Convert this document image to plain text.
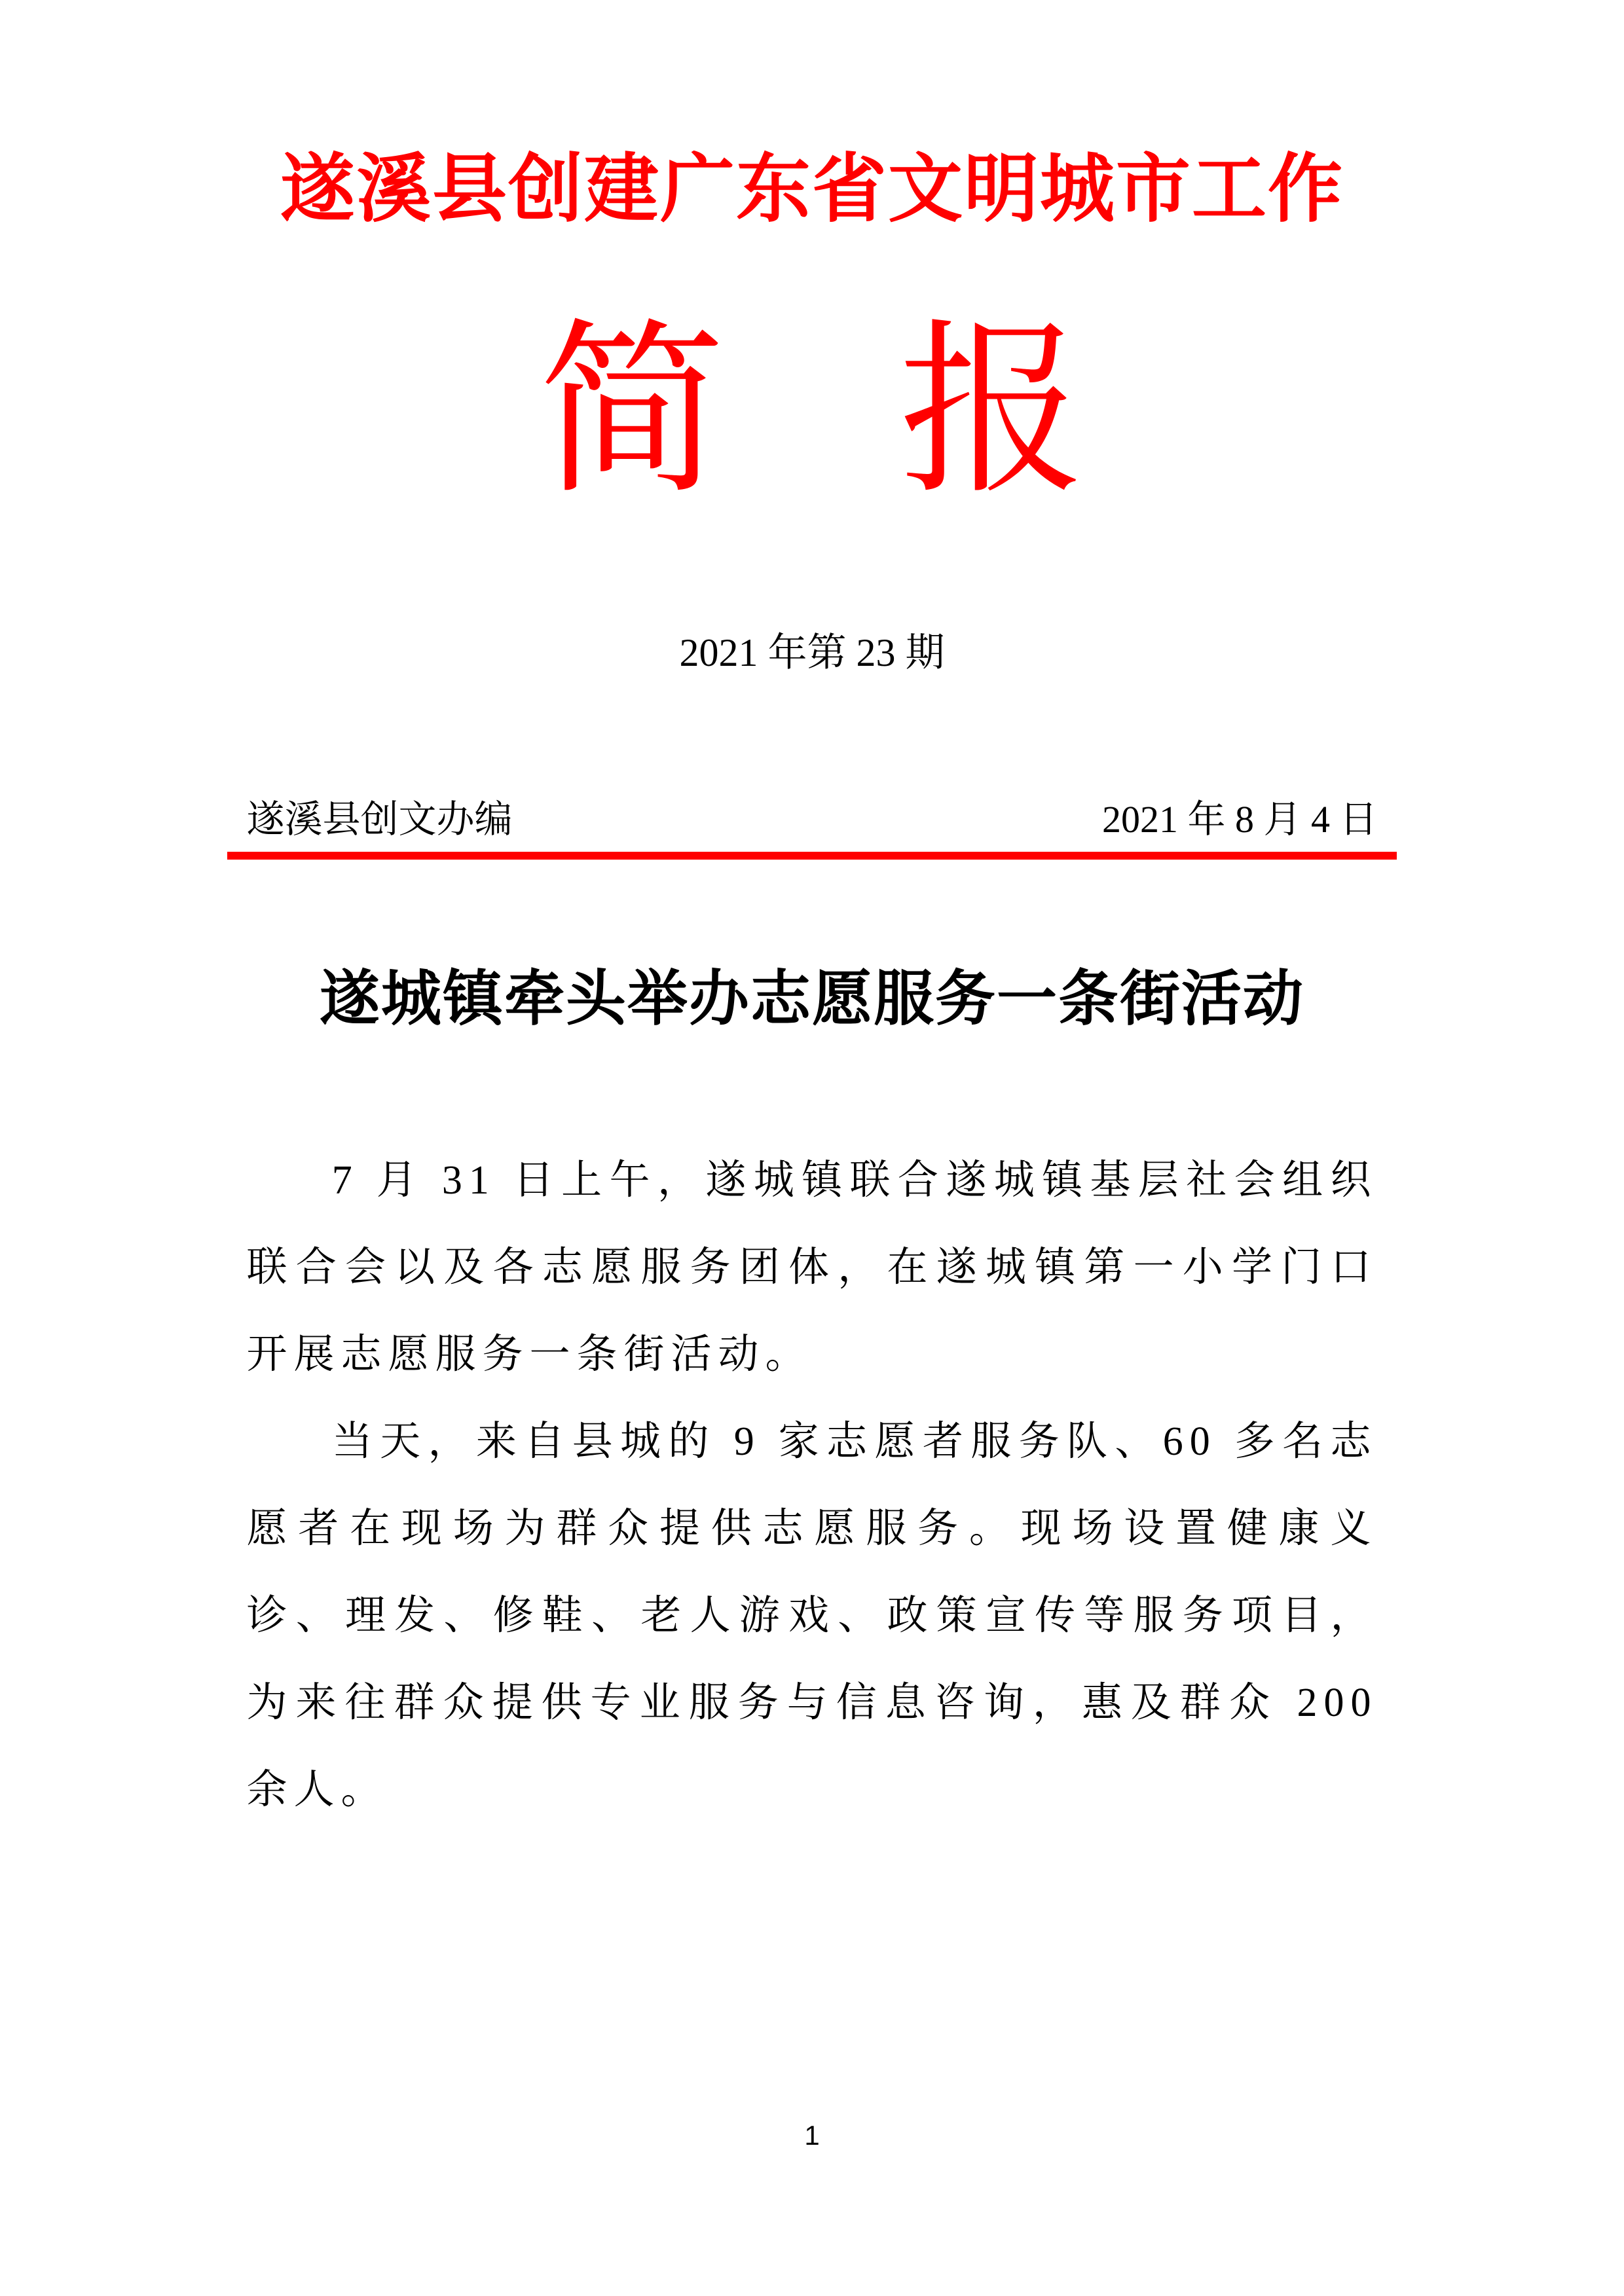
遂溪县创建广东省文明城市工作
简 报
2021 年第 23 期
遂溪县创文办编	2021 年 8 月 4 日
遂城镇牵头举办志愿服务一条街活动

7 月 31 日上午，遂城镇联合遂城镇基层社会组织联合会以及各志愿服务团体，在遂城镇第一小学门口开展志愿服务一条街活动。

当天，来自县城的 9 家志愿者服务队、60 多名志愿者在现场为群众提供志愿服务。现场设置健康义诊、理发、修鞋、老人游戏、政策宣传等服务项目，为来往群众提供专业服务与信息咨询，惠及群众 200 余人。

1
